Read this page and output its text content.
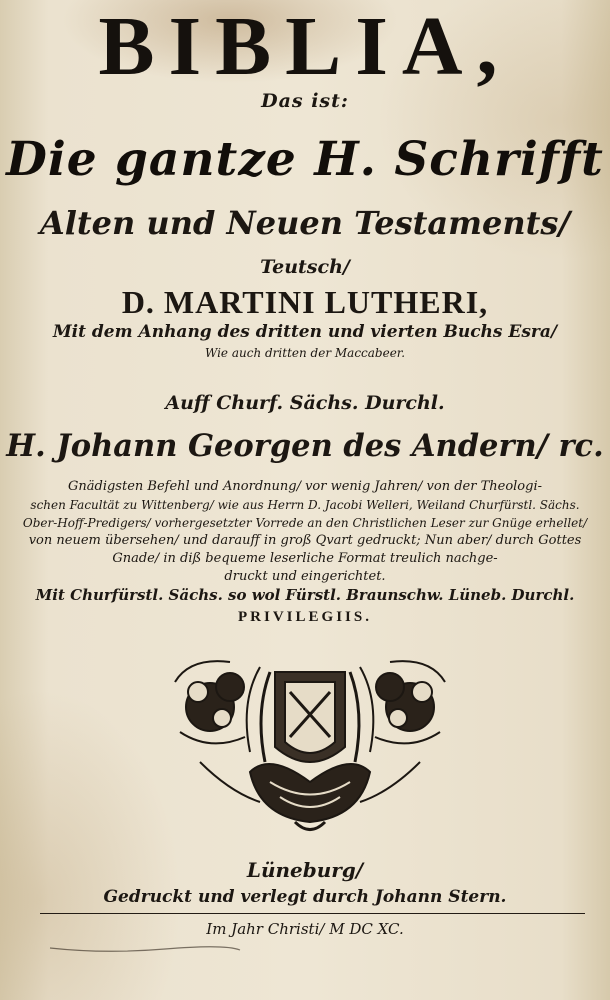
BIBLIA,
Das ist:
Die gantze H. Schrifft
Alten und Neuen Testaments/
Teutsch/
D. MARTINI LUTHERI,
Mit dem Anhang des dritten und vierten Buchs Esra/
Wie auch dritten der Maccabeer.
Auff Churf. Sächs. Durchl.
H. Johann Georgen des Andern/ rc.
Gnädigsten Befehl und Anordnung/ vor wenig Jahren/ von der Theologi-
schen Facultät zu Wittenberg/ wie aus Herrn D. Jacobi Welleri, Weiland Churfürstl. Sächs.
Ober-Hoff-Predigers/ vorhergesetzter Vorrede an den Christlichen Leser zur Gnüge erhellet/
von neuem übersehen/ und darauff in groß Qvart gedruckt; Nun aber/ durch Gottes
Gnade/ in diß bequeme leserliche Format treulich nachge-
druckt und eingerichtet.
Mit Churfürstl. Sächs. so wol Fürstl. Braunschw. Lüneb. Durchl.
PRIVILEGIIS.
Lüneburg/
Gedruckt und verlegt durch Johann Stern.
Im Jahr Christi/ M DC XC.
